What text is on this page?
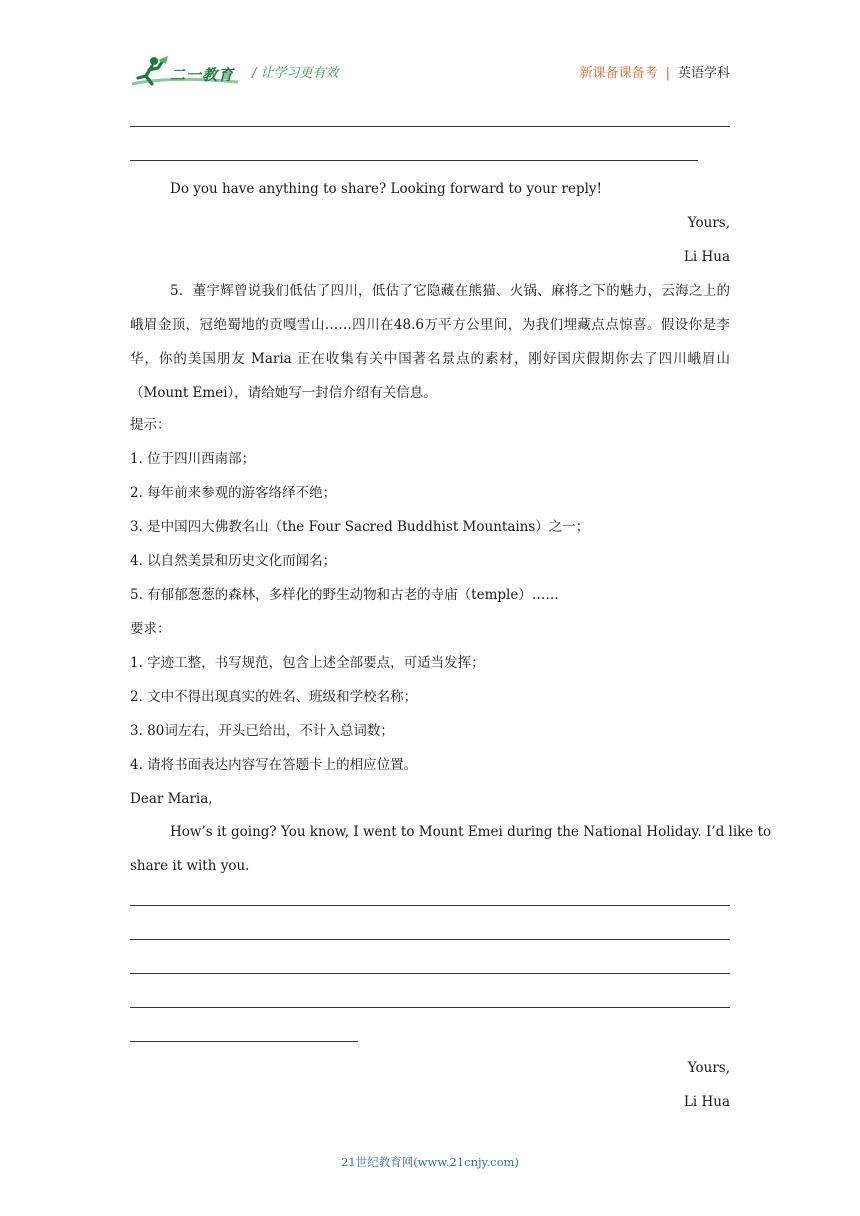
二一教育 / 让学习更有效	新课备课备考 | 英语学科
Do you have anything to share? Looking forward to your reply!
Yours,
Li Hua
5．董宇辉曾说我们低估了四川，低估了它隐藏在熊猫、火锅、麻将之下的魅力，云海之上的峨眉金顶，冠绝蜀地的贡嘎雪山……四川在48.6万平方公里间，为我们埋藏点点惊喜。假设你是李华，你的美国朋友 Maria 正在收集有关中国著名景点的素材，刚好国庆假期你去了四川峨眉山（Mount Emei），请给她写一封信介绍有关信息。
提示：
1. 位于四川西南部；
2. 每年前来参观的游客络绎不绝；
3. 是中国四大佛教名山（the Four Sacred Buddhist Mountains）之一；
4. 以自然美景和历史文化而闻名；
5. 有郁郁葱葱的森林，多样化的野生动物和古老的寺庙（temple）……
要求：
1. 字迹工整，书写规范，包含上述全部要点，可适当发挥；
2. 文中不得出现真实的姓名、班级和学校名称；
3. 80词左右，开头已给出，不计入总词数；
4. 请将书面表达内容写在答题卡上的相应位置。
Dear Maria,
How’s it going? You know, I went to Mount Emei during the National Holiday. I’d like to
share it with you.
Yours,
Li Hua
21世纪教育网(www.21cnjy.com)
